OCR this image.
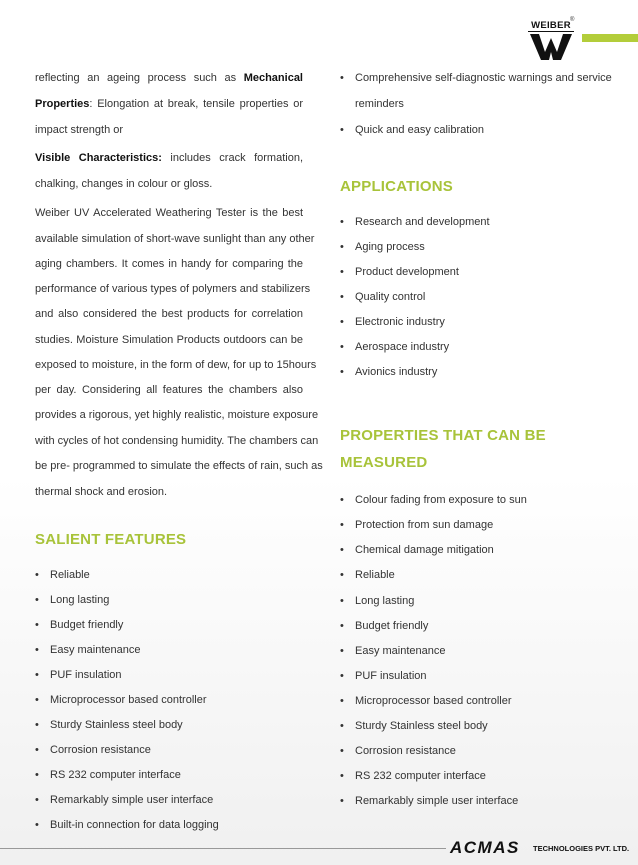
WEIBER ®
reflecting an ageing process such as Mechanical
Properties: Elongation at break, tensile properties or
impact strength or
Visible Characteristics: includes crack formation,
chalking, changes in colour or gloss.
Weiber UV Accelerated Weathering Tester is the best
available simulation of short-wave sunlight than any other
aging chambers. It comes in handy for comparing the
performance of various types of polymers and stabilizers
and also considered the best products for correlation
studies. Moisture Simulation Products outdoors can be
exposed to moisture, in the form of dew, for up to 15hours
per day. Considering all features the chambers also
provides a rigorous, yet highly realistic, moisture exposure
with cycles of hot condensing humidity. The chambers can
be pre- programmed to simulate the effects of rain, such as
thermal shock and erosion.
SALIENT FEATURES
• Reliable
• Long lasting
• Budget friendly
• Easy maintenance
• PUF insulation
• Microprocessor based controller
• Sturdy Stainless steel body
• Corrosion resistance
• RS 232 computer interface
• Remarkably simple user interface
• Built-in connection for data logging
• Comprehensive self-diagnostic warnings and service
reminders
• Quick and easy calibration
APPLICATIONS
• Research and development
• Aging process
• Product development
• Quality control
• Electronic industry
• Aerospace industry
• Avionics industry
PROPERTIES THAT CAN BE
MEASURED
• Colour fading from exposure to sun
• Protection from sun damage
• Chemical damage mitigation
• Reliable
• Long lasting
• Budget friendly
• Easy maintenance
• PUF insulation
• Microprocessor based controller
• Sturdy Stainless steel body
• Corrosion resistance
• RS 232 computer interface
• Remarkably simple user interface
ACMAS TECHNOLOGIES PVT. LTD.
